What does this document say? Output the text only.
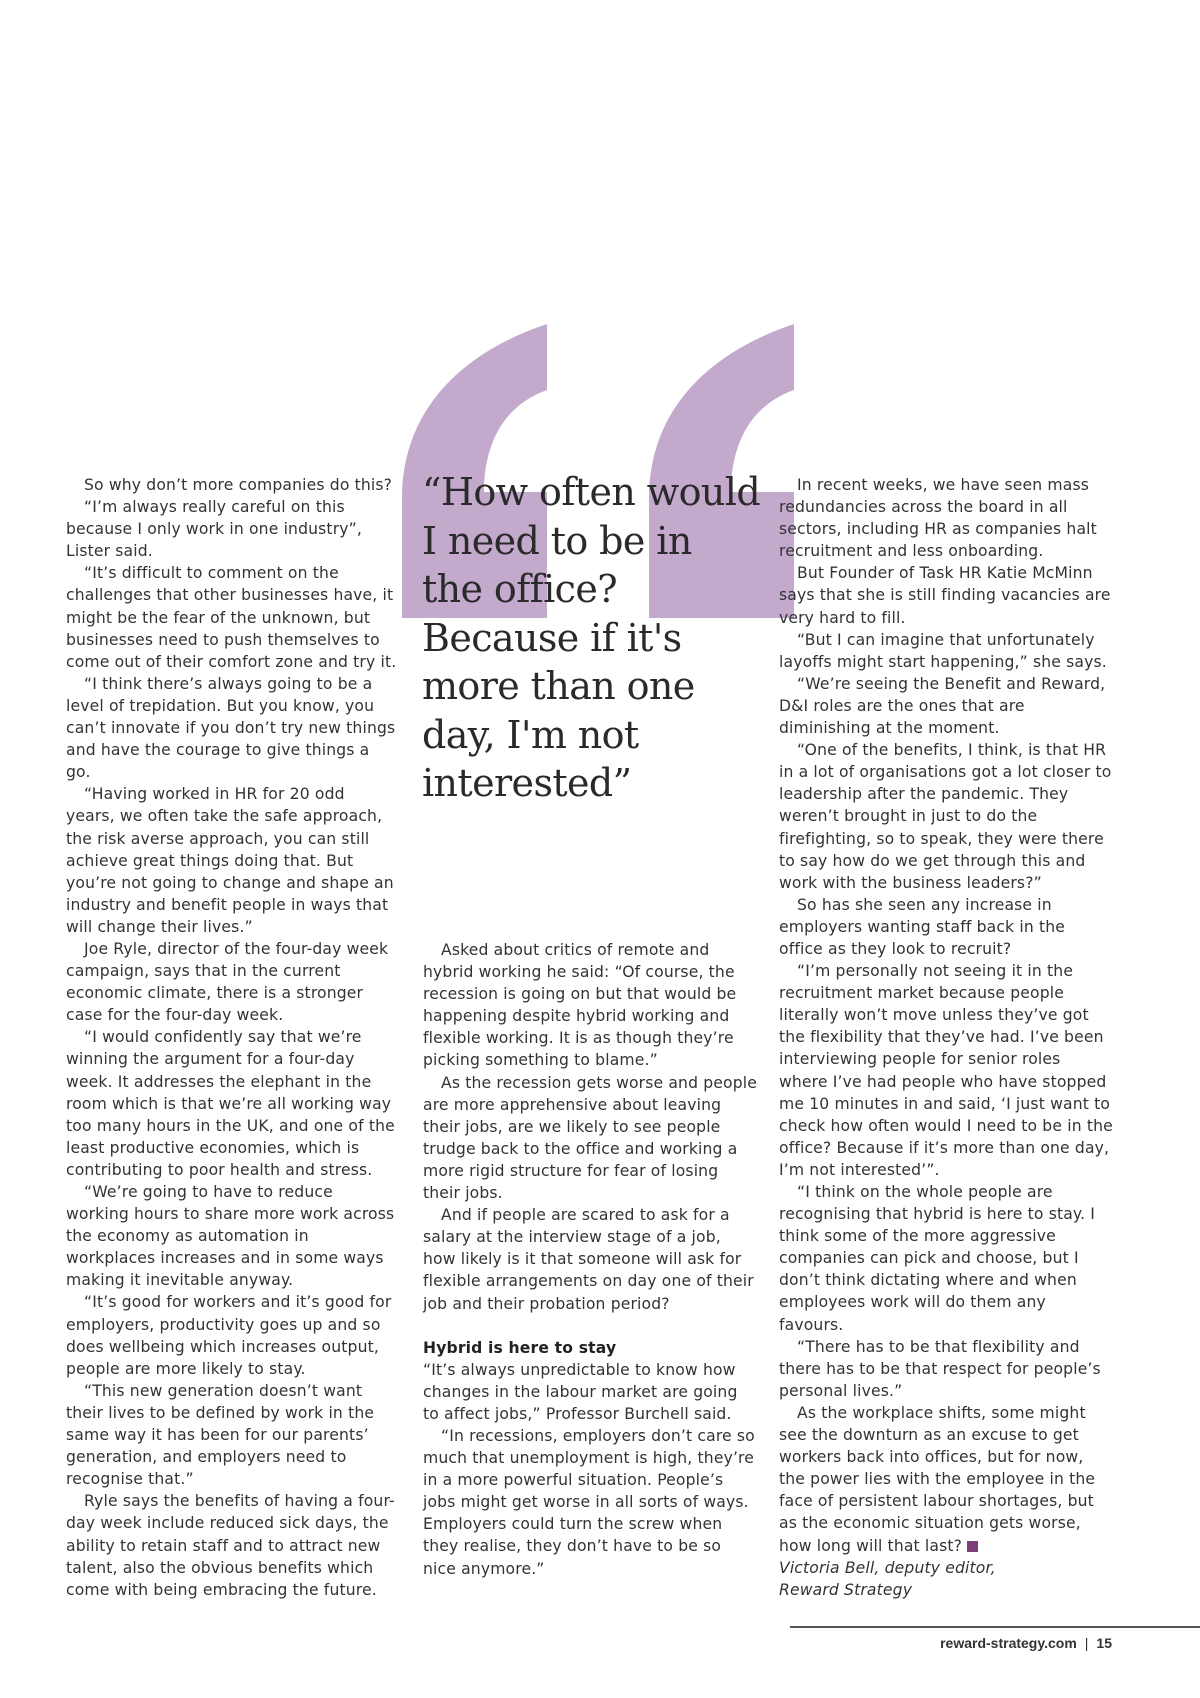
“How often would I need to be in the office? Because if it's more than one day, I'm not interested”

So why don’t more companies do this?

“I’m always really careful on this because I only work in one industry”, Lister said.

“It’s difficult to comment on the challenges that other businesses have, it might be the fear of the unknown, but businesses need to push themselves to come out of their comfort zone and try it.

“I think there’s always going to be a level of trepidation. But you know, you can’t innovate if you don’t try new things and have the courage to give things a go.

“Having worked in HR for 20 odd years, we often take the safe approach, the risk averse approach, you can still achieve great things doing that. But you’re not going to change and shape an industry and benefit people in ways that will change their lives.”

Joe Ryle, director of the four-day week campaign, says that in the current economic climate, there is a stronger case for the four-day week.

“I would confidently say that we’re winning the argument for a four-day week. It addresses the elephant in the room which is that we’re all working way too many hours in the UK, and one of the least productive economies, which is contributing to poor health and stress.

“We’re going to have to reduce working hours to share more work across the economy as automation in workplaces increases and in some ways making it inevitable anyway.

“It’s good for workers and it’s good for employers, productivity goes up and so does wellbeing which increases output, people are more likely to stay.

“This new generation doesn’t want their lives to be defined by work in the same way it has been for our parents’ generation, and employers need to recognise that.”

Ryle says the benefits of having a four-day week include reduced sick days, the ability to retain staff and to attract new talent, also the obvious benefits which come with being embracing the future.

Asked about critics of remote and hybrid working he said: “Of course, the recession is going on but that would be happening despite hybrid working and flexible working. It is as though they’re picking something to blame.”

As the recession gets worse and people are more apprehensive about leaving their jobs, are we likely to see people trudge back to the office and working a more rigid structure for fear of losing their jobs.

And if people are scared to ask for a salary at the interview stage of a job, how likely is it that someone will ask for flexible arrangements on day one of their job and their probation period?

Hybrid is here to stay

“It’s always unpredictable to know how changes in the labour market are going to affect jobs,” Professor Burchell said.

“In recessions, employers don’t care so much that unemployment is high, they’re in a more powerful situation. People’s jobs might get worse in all sorts of ways. Employers could turn the screw when they realise, they don’t have to be so nice anymore.”

In recent weeks, we have seen mass redundancies across the board in all sectors, including HR as companies halt recruitment and less onboarding.

But Founder of Task HR Katie McMinn says that she is still finding vacancies are very hard to fill.

“But I can imagine that unfortunately layoffs might start happening,” she says.

“We’re seeing the Benefit and Reward, D&I roles are the ones that are diminishing at the moment.

“One of the benefits, I think, is that HR in a lot of organisations got a lot closer to leadership after the pandemic. They weren’t brought in just to do the firefighting, so to speak, they were there to say how do we get through this and work with the business leaders?”

So has she seen any increase in employers wanting staff back in the office as they look to recruit?

“I’m personally not seeing it in the recruitment market because people literally won’t move unless they’ve got the flexibility that they’ve had. I’ve been interviewing people for senior roles where I’ve had people who have stopped me 10 minutes in and said, ‘I just want to check how often would I need to be in the office? Because if it’s more than one day, I’m not interested’”.

“I think on the whole people are recognising that hybrid is here to stay. I think some of the more aggressive companies can pick and choose, but I don’t think dictating where and when employees work will do them any favours.

“There has to be that flexibility and there has to be that respect for people’s personal lives.”

As the workplace shifts, some might see the downturn as an excuse to get workers back into offices, but for now, the power lies with the employee in the face of persistent labour shortages, but as the economic situation gets worse, how long will that last?

Victoria Bell, deputy editor,

Reward Strategy

reward-strategy.com | 15
